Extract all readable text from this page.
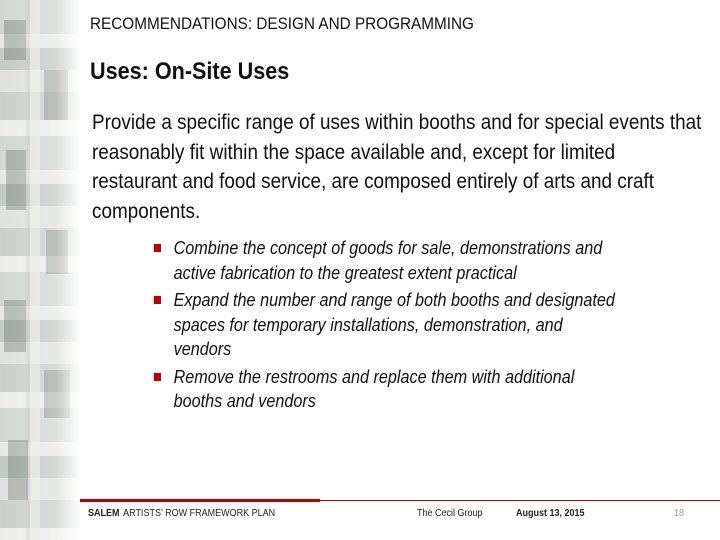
RECOMMENDATIONS: DESIGN AND PROGRAMMING
Uses: On-Site Uses
Provide a specific range of uses within booths and for special events that reasonably fit within the space available and, except for limited restaurant and food service, are composed entirely of arts and craft components.
Combine the concept of goods for sale, demonstrations and active fabrication to the greatest extent practical
Expand the number and range of both booths and designated spaces for temporary installations, demonstration, and vendors
Remove the restrooms and replace them with additional booths and vendors
SALEM ARTISTS’ ROW FRAMEWORK PLAN	The Cecil Group	August 13, 2015	18
